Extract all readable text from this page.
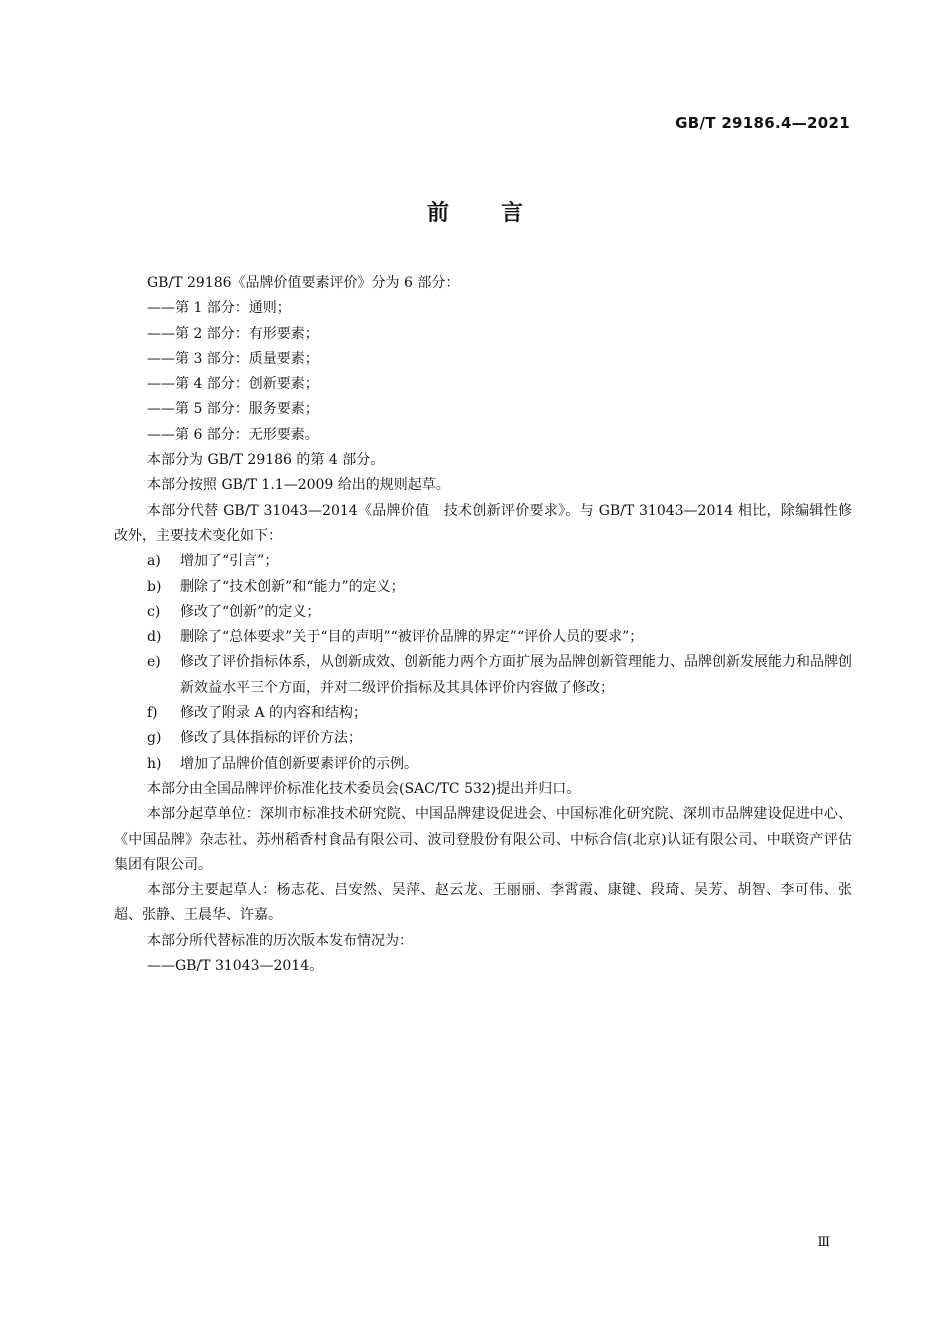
GB/T 29186.4—2021
前 言

GB/T 29186《品牌价值要素评价》分为 6 部分：

——第 1 部分：通则；

——第 2 部分：有形要素；

——第 3 部分：质量要素；

——第 4 部分：创新要素；

——第 5 部分：服务要素；

——第 6 部分：无形要素。

本部分为 GB/T 29186 的第 4 部分。

本部分按照 GB/T 1.1—2009 给出的规则起草。

本部分代替 GB/T 31043—2014《品牌价值　技术创新评价要求》。与 GB/T 31043—2014 相比，除编辑性修改外，主要技术变化如下：

a)	增加了“引言”；
b)	删除了“技术创新”和“能力”的定义；
c)	修改了“创新”的定义；
d)	删除了“总体要求”关于“目的声明”“被评价品牌的界定”“评价人员的要求”；
e)	修改了评价指标体系，从创新成效、创新能力两个方面扩展为品牌创新管理能力、品牌创新发展能力和品牌创新效益水平三个方面，并对二级评价指标及其具体评价内容做了修改；
f)	修改了附录 A 的内容和结构；
g)	修改了具体指标的评价方法；
h)	增加了品牌价值创新要素评价的示例。

本部分由全国品牌评价标准化技术委员会(SAC/TC 532)提出并归口。

本部分起草单位：深圳市标准技术研究院、中国品牌建设促进会、中国标准化研究院、深圳市品牌建设促进中心、《中国品牌》杂志社、苏州稻香村食品有限公司、波司登股份有限公司、中标合信(北京)认证有限公司、中联资产评估集团有限公司。

本部分主要起草人：杨志花、吕安然、吴萍、赵云龙、王丽丽、李霄霞、康键、段琦、吴芳、胡智、李可伟、张超、张静、王晨华、许嘉。

本部分所代替标准的历次版本发布情况为：

——GB/T 31043—2014。

Ⅲ
